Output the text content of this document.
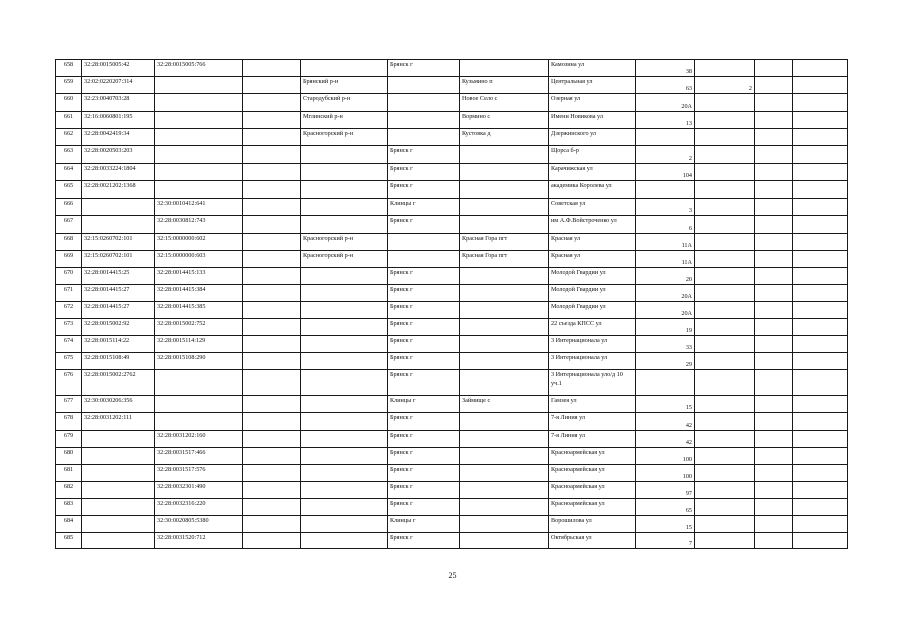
658	32:28:0015005:42	32:28:0015005:766			Брянск г		Камозина ул	38			
659	32:02:0220207:314			Брянский р-н		Кузьмино п	Центральная ул	63	2		
660	32:23:0040703:28			Стародубский р-н		Новое Село с	Озерная ул	20А			
661	32:16:0060801:195			Мглинский р-н		Вормино с	Имени Новикова ул	13			
662	32:28:0042419:34			Красногорский р-н		Кустовка д	Дзержинского ул				
663	32:28:0020503:203				Брянск г		Щорса б-р	2			
664	32:28:0033224:1804				Брянск г		Карачижская ул	104			
665	32:28:0021202:1368				Брянск г		академика Королева ул				
666		32:30:0010412:641			Клинцы г		Советская ул	3			
667		32:28:0030812:743			Брянск г		им А.Ф.Войстроченко ул	6			
668	32:15:0260702:101	32:15:0000000:602		Красногорский р-н		Красная Гора пгт	Красная ул	11А			
669	32:15:0260702:101	32:15:0000000:603		Красногорский р-н		Красная Гора пгт	Красная ул	11А			
670	32:28:0014415:25	32:28:0014415:133			Брянск г		Молодой Гвардии ул	20			
671	32:28:0014415:27	32:28:0014415:384			Брянск г		Молодой Гвардии ул	20А			
672	32:28:0014415:27	32:28:0014415:385			Брянск г		Молодой Гвардии ул	20А			
673	32:28:0015002:92	32:28:0015002:752			Брянск г		22 съезда КПСС ул	19			
674	32:28:0015114:22	32:28:0015114:129			Брянск г		3 Интернационала ул	33			
675	32:28:0015108:49	32:28:0015108:290			Брянск г		3 Интернационала ул	29			
676	32:28:0015002:2762				Брянск г		3 Интернационала уло/д 10 уч.1				
677	32:30:0030206:356				Клинцы г	Займище с	Гамзея ул	15			
678	32:28:0031202:111				Брянск г		7-я Линия ул	42			
679		32:28:0031202:160			Брянск г		7-я Линия ул	42			
680		32:28:0031517:466			Брянск г		Красноармейская ул	100			
681		32:28:0031517:576			Брянск г		Красноармейская ул	100			
682		32:28:0032301:490			Брянск г		Красноармейская ул	97			
683		32:28:0032316:220			Брянск г		Красноармейская ул	65			
684		32:30:0020805:5380			Клинцы г		Ворошилова ул	15			
685		32:28:0031520:712			Брянск г		Октябрьская ул	7			
25
